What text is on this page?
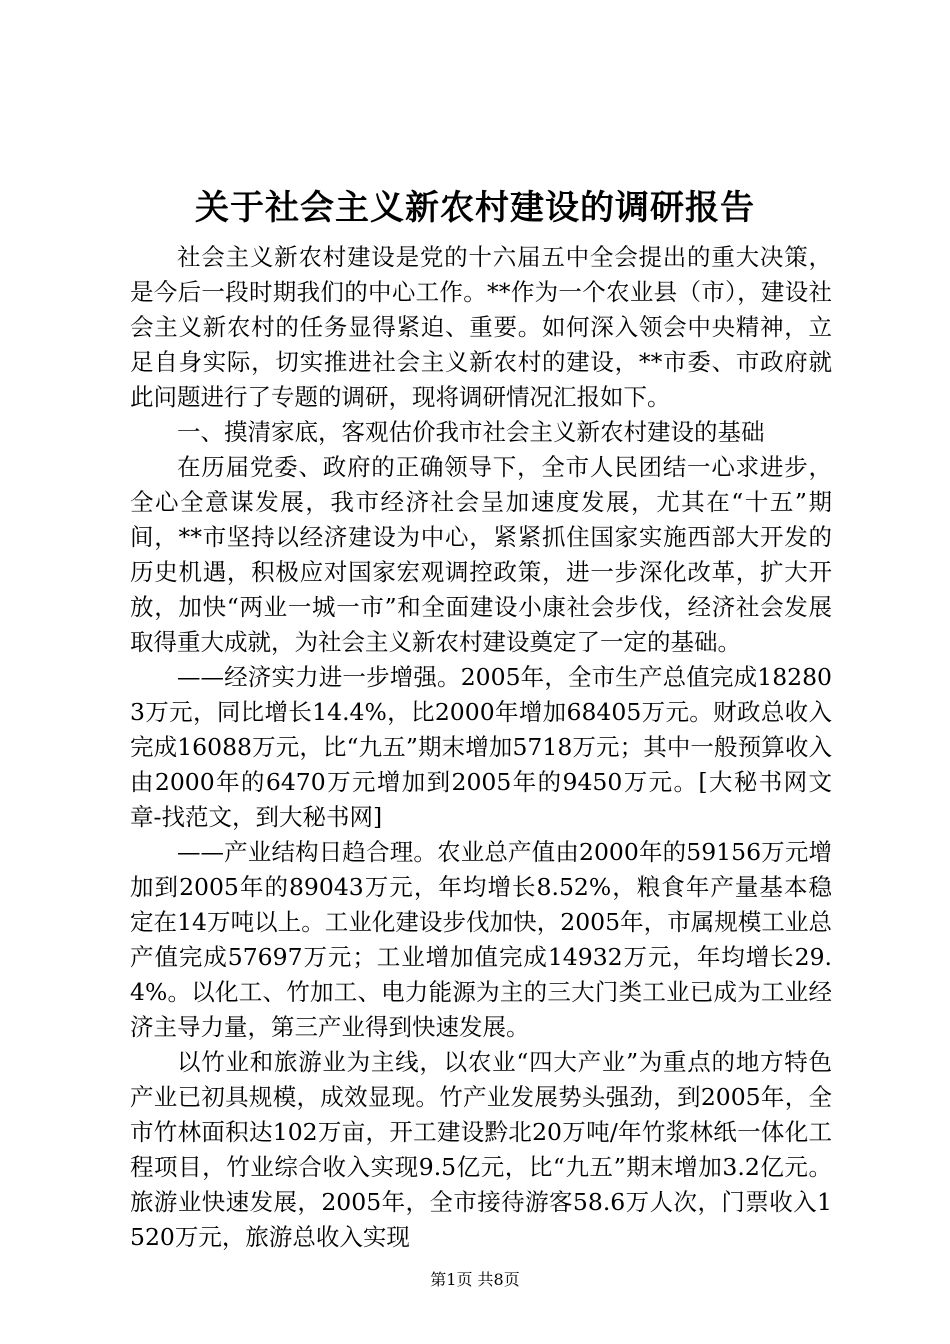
关于社会主义新农村建设的调研报告

社会主义新农村建设是党的十六届五中全会提出的重大决策，是今后一段时期我们的中心工作。**作为一个农业县（市），建设社会主义新农村的任务显得紧迫、重要。如何深入领会中央精神，立足自身实际，切实推进社会主义新农村的建设，**市委、市政府就此问题进行了专题的调研，现将调研情况汇报如下。

一、摸清家底，客观估价我市社会主义新农村建设的基础

在历届党委、政府的正确领导下，全市人民团结一心求进步，全心全意谋发展，我市经济社会呈加速度发展，尤其在“十五”期间，**市坚持以经济建设为中心，紧紧抓住国家实施西部大开发的历史机遇，积极应对国家宏观调控政策，进一步深化改革，扩大开放，加快“两业一城一市”和全面建设小康社会步伐，经济社会发展取得重大成就，为社会主义新农村建设奠定了一定的基础。

——经济实力进一步增强。2005年，全市生产总值完成182803万元，同比增长14.4%，比2000年增加68405万元。财政总收入完成16088万元，比“九五”期末增加5718万元；其中一般预算收入由2000年的6470万元增加到2005年的9450万元。[大秘书网文章-找范文，到大秘书网]

——产业结构日趋合理。农业总产值由2000年的59156万元增加到2005年的89043万元，年均增长8.52%，粮食年产量基本稳定在14万吨以上。工业化建设步伐加快，2005年，市属规模工业总产值完成57697万元；工业增加值完成14932万元，年均增长29.4%。以化工、竹加工、电力能源为主的三大门类工业已成为工业经济主导力量，第三产业得到快速发展。

以竹业和旅游业为主线，以农业“四大产业”为重点的地方特色产业已初具规模，成效显现。竹产业发展势头强劲，到2005年，全市竹林面积达102万亩，开工建设黔北20万吨/年竹浆林纸一体化工程项目，竹业综合收入实现9.5亿元，比“九五”期末增加3.2亿元。旅游业快速发展，2005年，全市接待游客58.6万人次，门票收入1520万元，旅游总收入实现

第1页 共8页
